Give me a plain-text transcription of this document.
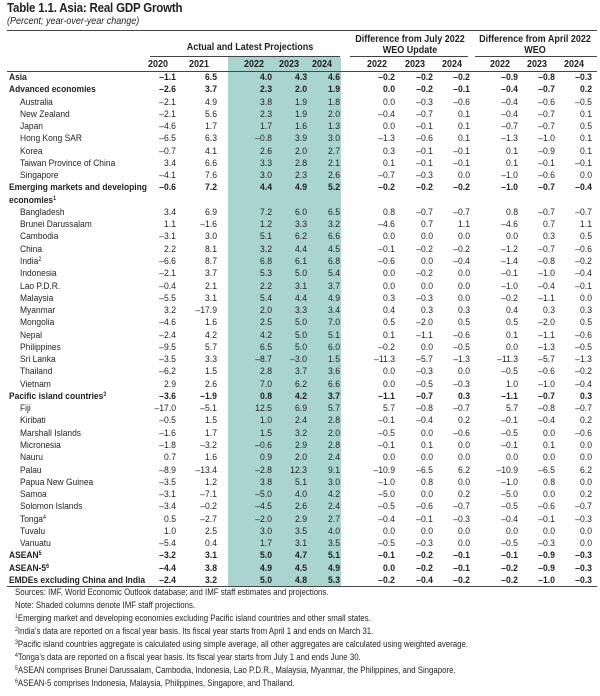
Table 1.1. Asia: Real GDP Growth
(Percent; year-over-year change)
Actual and Latest Projections
Difference from July 2022
WEO Update
Difference from April 2022
WEO
2020	2021	2022	2023	2024	2022	2023	2024	2022	2023	2024
Asia	–1.1	6.5	4.0	4.3	4.6	–0.2	–0.2	–0.2	–0.9	–0.8	–0.3
Advanced economies	–2.6	3.7	2.3	2.0	1.9	0.0	–0.2	–0.1	–0.4	–0.7	0.2
Australia	–2.1	4.9	3.8	1.9	1.8	0.0	–0.3	–0.6	–0.4	–0.6	–0.5
New Zealand	–2.1	5.6	2.3	1.9	2.0	–0.4	–0.7	0.1	–0.4	–0.7	0.1
Japan	–4.6	1.7	1.7	1.6	1.3	0.0	–0.1	0.1	–0.7	–0.7	0.5
Hong Kong SAR	–6.5	6.3	–0.8	3.9	3.0	–1.3	–0.6	0.1	–1.3	–1.0	0.1
Korea	–0.7	4.1	2.6	2.0	2.7	0.3	–0.1	–0.1	0.1	–0.9	0.1
Taiwan Province of China	3.4	6.6	3.3	2.8	2.1	0.1	–0.1	–0.1	0.1	–0.1	–0.1
Singapore	–4.1	7.6	3.0	2.3	2.6	–0.7	–0.3	0.0	–1.0	–0.6	0.0
Emerging markets and developing	–0.6	7.2	4.4	4.9	5.2	–0.2	–0.2	–0.2	–1.0	–0.7	–0.4
economies$^1$
Bangladesh	3.4	6.9	7.2	6.0	6.5	0.8	–0.7	–0.7	0.8	–0.7	–0.7
Brunei Darussalam	1.1	–1.6	1.2	3.3	3.2	–4.6	0.7	1.1	–4.6	0.7	1.1
Cambodia	–3.1	3.0	5.1	6.2	6.6	0.0	0.0	0.0	0.0	0.3	0.5
China	2.2	8.1	3.2	4.4	4.5	–0.1	–0.2	–0.2	–1.2	–0.7	–0.6
India$^2$	–6.6	8.7	6.8	6.1	6.8	–0.6	0.0	–0.4	–1.4	–0.8	–0.2
Indonesia	–2.1	3.7	5.3	5.0	5.4	0.0	–0.2	0.0	–0.1	–1.0	–0.4
Lao P.D.R.	–0.4	2.1	2.2	3.1	3.7	0.0	0.0	0.0	–1.0	–0.4	–0.1
Malaysia	–5.5	3.1	5.4	4.4	4.9	0.3	–0.3	0.0	–0.2	–1.1	0.0
Myanmar	3.2	–17.9	2.0	3.3	3.4	0.4	0.3	0.3	0.4	0.3	0.3
Mongolia	–4.6	1.6	2.5	5.0	7.0	0.5	–2.0	0.5	0.5	–2.0	0.5
Nepal	–2.4	4.2	4.2	5.0	5.1	0.1	–1.1	–0.6	0.1	–1.1	–0.6
Philippines	–9.5	5.7	6.5	5.0	6.0	–0.2	0.0	–0.5	0.0	–1.3	–0.5
Sri Lanka	–3.5	3.3	–8.7	–3.0	1.5	–11.3	–5.7	–1.3	–11.3	–5.7	–1.3
Thailand	–6.2	1.5	2.8	3.7	3.6	0.0	–0.3	0.0	–0.5	–0.6	–0.2
Vietnam	2.9	2.6	7.0	6.2	6.6	0.0	–0.5	–0.3	1.0	–1.0	–0.4
Pacific island countries$^3$	–3.6	–1.9	0.8	4.2	3.7	–1.1	–0.7	0.3	–1.1	–0.7	0.3
Fiji	–17.0	–5.1	12.5	6.9	5.7	5.7	–0.8	–0.7	5.7	–0.8	–0.7
Kiribati	–0.5	1.5	1.0	2.4	2.8	–0.1	–0.4	0.2	–0.1	–0.4	0.2
Marshall Islands	–1.6	1.7	1.5	3.2	2.0	–0.5	0.0	–0.6	–0.5	0.0	–0.6
Micronesia	–1.8	–3.2	–0.6	2.9	2.8	–0.1	0.1	0.0	–0.1	0.1	0.0
Nauru	0.7	1.6	0.9	2.0	2.4	0.0	0.0	0.0	0.0	0.0	0.0
Palau	–8.9	–13.4	–2.8	12.3	9.1	–10.9	–6.5	6.2	–10.9	–6.5	6.2
Papua New Guinea	–3.5	1.2	3.8	5.1	3.0	–1.0	0.8	0.0	–1.0	0.8	0.0
Samoa	–3.1	–7.1	–5.0	4.0	4.2	–5.0	0.0	0.2	–5.0	0.0	0.2
Solomon Islands	–3.4	–0.2	–4.5	2.6	2.4	–0.5	–0.6	–0.7	–0.5	–0.6	–0.7
Tonga$^4$	0.5	–2.7	–2.0	2.9	2.7	–0.4	–0.1	–0.3	–0.4	–0.1	–0.3
Tuvalu	1.0	2.5	3.0	3.5	4.0	0.0	0.0	0.0	0.0	0.0	0.0
Vanuatu	–5.4	0.4	1.7	3.1	3.5	–0.5	–0.3	0.0	–0.5	–0.3	0.0
ASEAN$^5$	–3.2	3.1	5.0	4.7	5.1	–0.1	–0.2	–0.1	–0.1	–0.9	–0.3
ASEAN-$5^6$	–4.4	3.8	4.9	4.5	4.9	0.0	–0.2	–0.1	–0.2	–0.9	–0.3
EMDEs excluding China and India	–2.4	3.2	5.0	4.8	5.3	–0.2	–0.4	–0.2	–0.2	–1.0	–0.3
Sources: IMF, World Economic Outlook database; and IMF staff estimates and projections.
Note: Shaded columns denote IMF staff projections.
$^1$Emerging market and developing economies excluding Pacific island countries and other small states.
$^2$India’s data are reported on a fiscal year basis. Its fiscal year starts from April 1 and ends on March 31.
$^3$Pacific island countries aggregate is calculated using simple average, all other aggregates are calculated using weighted average.
$^4$Tonga’s data are reported on a fiscal year basis. Its fiscal year starts from July 1 and ends June 30.
$^5$ASEAN comprises Brunei Darussalam, Cambodia, Indonesia, Lao P.D.R., Malaysia, Myanmar, the Philippines, and Singapore.
$^6$ASEAN-5 comprises Indonesia, Malaysia, Philippines, Singapore, and Thailand.
